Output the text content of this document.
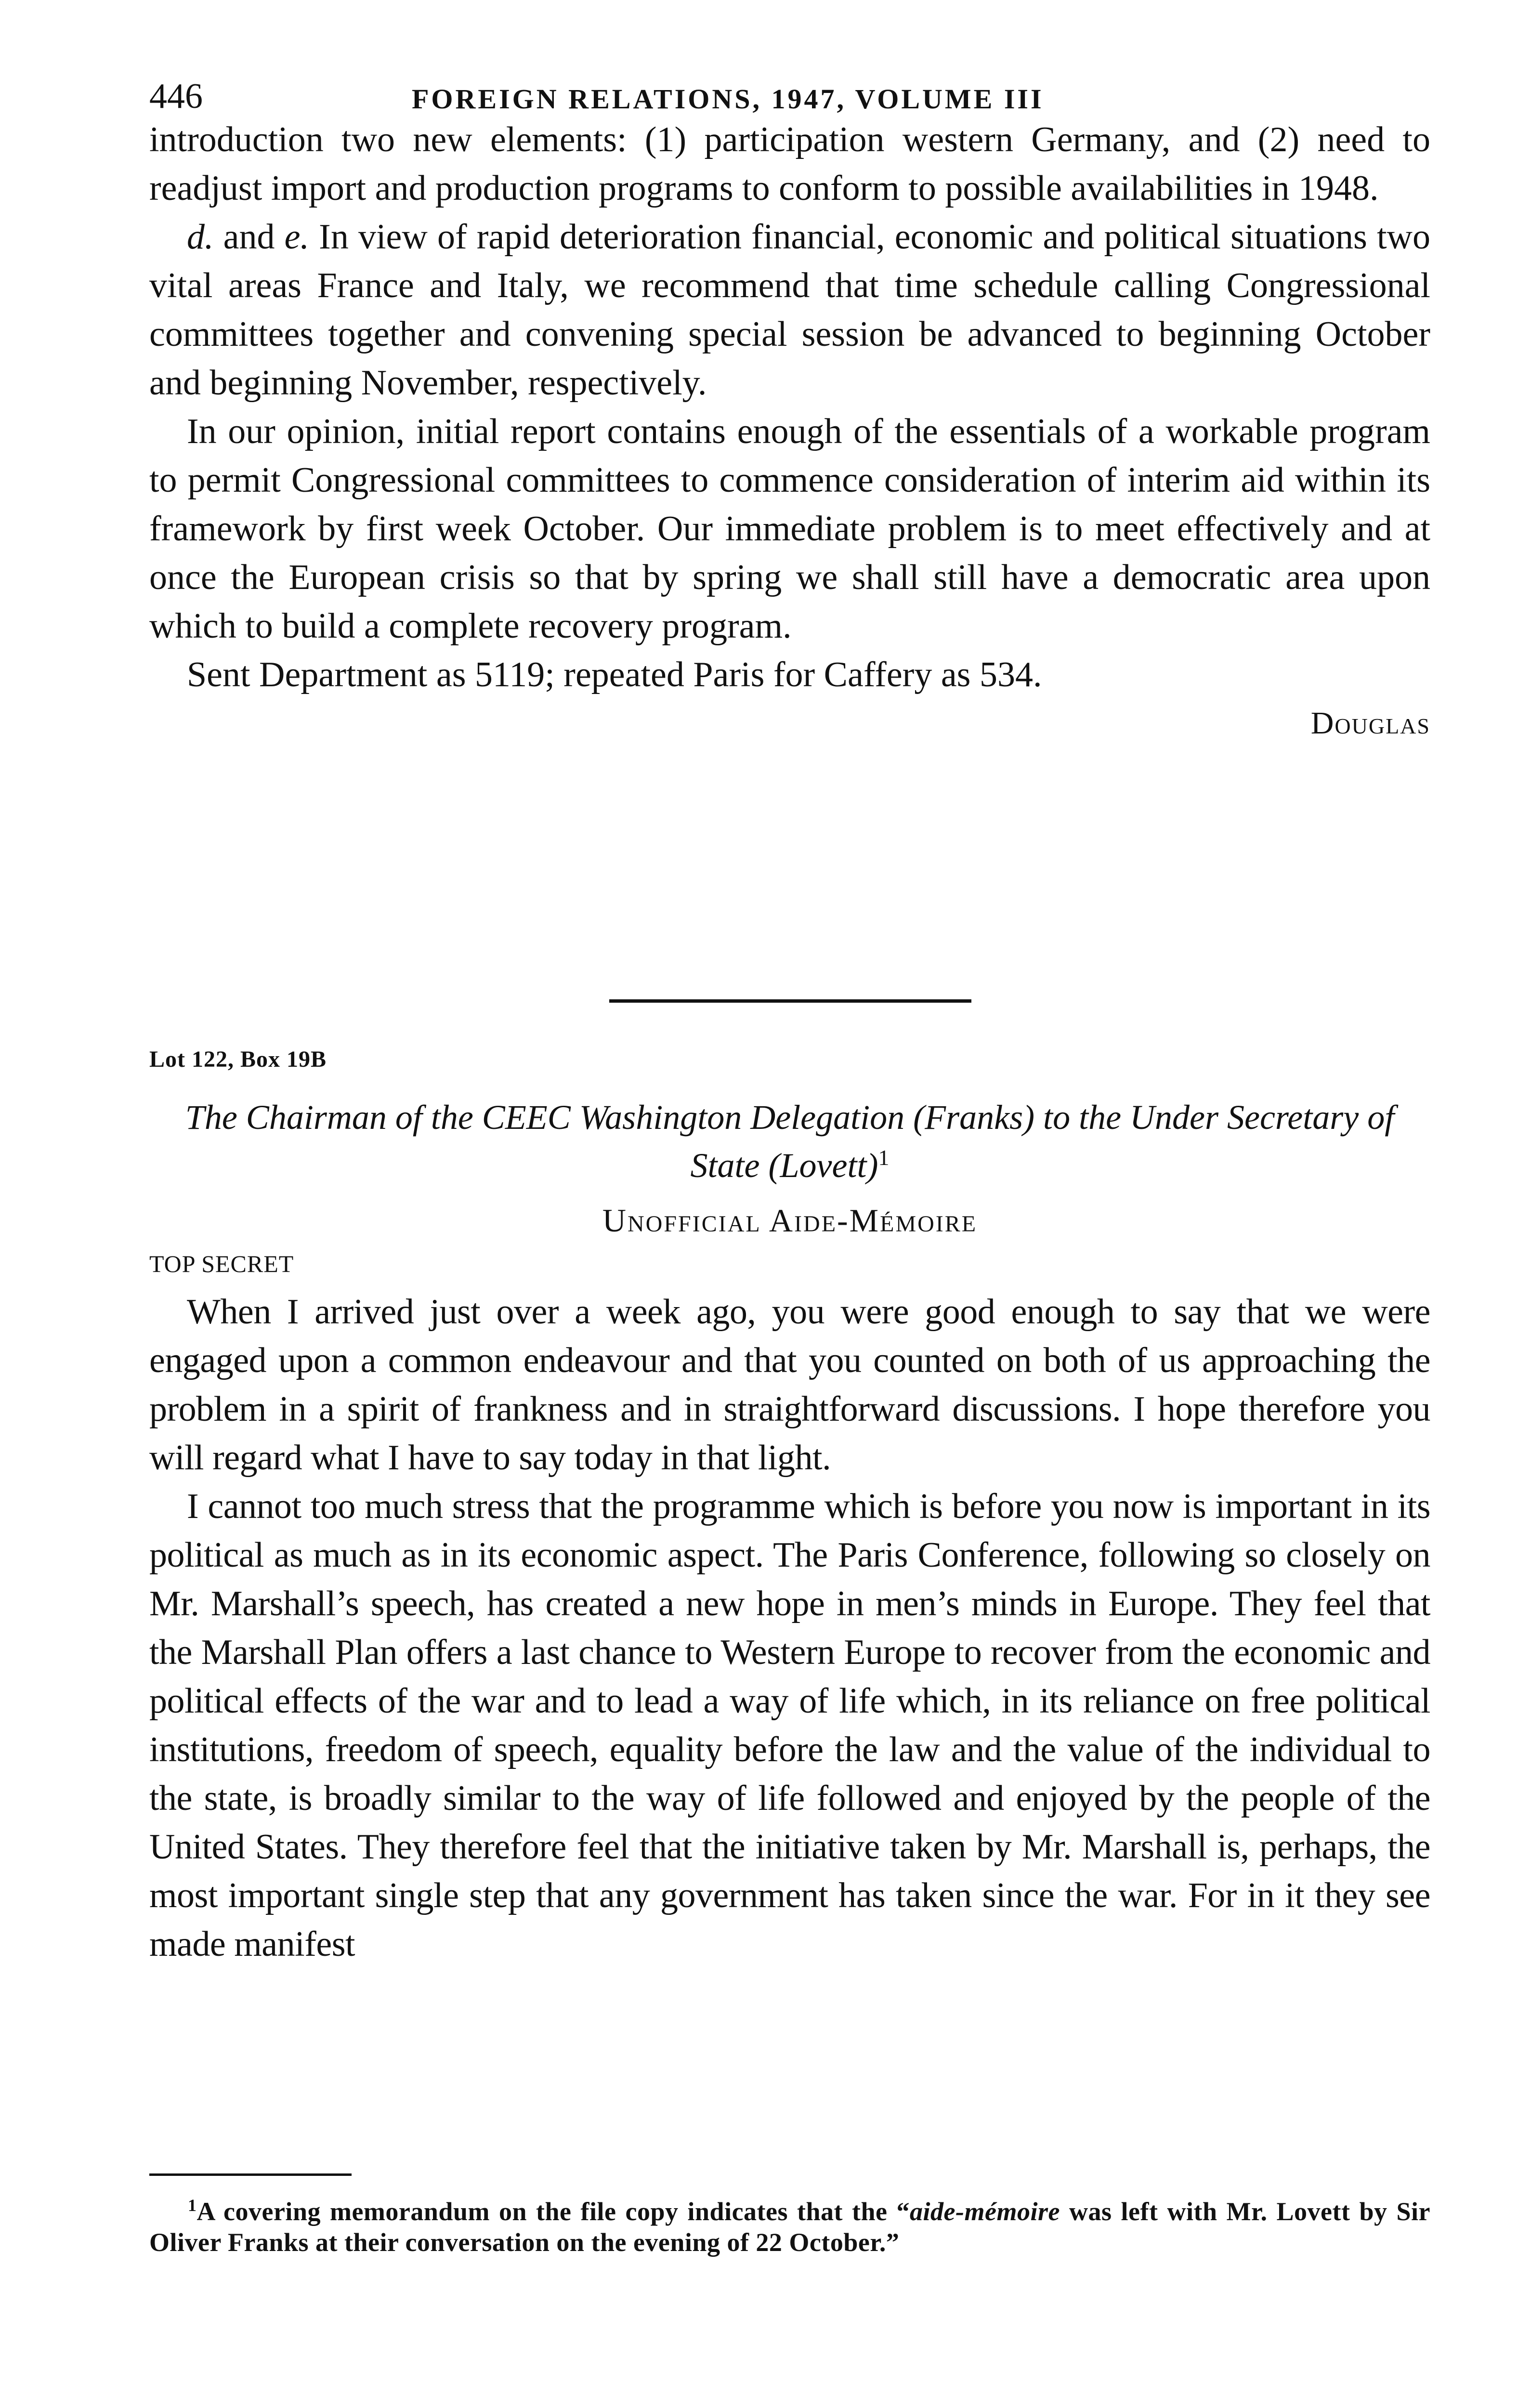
446	FOREIGN RELATIONS, 1947, VOLUME III

introduction two new elements: (1) participation western Germany, and (2) need to readjust import and production programs to conform to possible availabilities in 1948.

d. and e. In view of rapid deterioration financial, economic and political situations two vital areas France and Italy, we recommend that time schedule calling Congressional committees together and convening special session be advanced to beginning October and beginning November, respectively.

In our opinion, initial report contains enough of the essentials of a workable program to permit Congressional committees to commence consideration of interim aid within its framework by first week October. Our immediate problem is to meet effectively and at once the European crisis so that by spring we shall still have a democratic area upon which to build a complete recovery program.

Sent Department as 5119; repeated Paris for Caffery as 534.

Douglas

Lot 122, Box 19B

The Chairman of the CEEC Washington Delegation (Franks) to the Under Secretary of State (Lovett)$^1$

Unofficial Aide-Mémoire

TOP SECRET

When I arrived just over a week ago, you were good enough to say that we were engaged upon a common endeavour and that you counted on both of us approaching the problem in a spirit of frankness and in straightforward discussions. I hope therefore you will regard what I have to say today in that light.

I cannot too much stress that the programme which is before you now is important in its political as much as in its economic aspect. The Paris Conference, following so closely on Mr. Marshall’s speech, has created a new hope in men’s minds in Europe. They feel that the Marshall Plan offers a last chance to Western Europe to recover from the economic and political effects of the war and to lead a way of life which, in its reliance on free political institutions, freedom of speech, equality before the law and the value of the individual to the state, is broadly similar to the way of life followed and enjoyed by the people of the United States. They therefore feel that the initiative taken by Mr. Marshall is, perhaps, the most important single step that any government has taken since the war. For in it they see made manifest

$^1$A covering memorandum on the file copy indicates that the “aide-mémoire was left with Mr. Lovett by Sir Oliver Franks at their conversation on the evening of 22 October.”
